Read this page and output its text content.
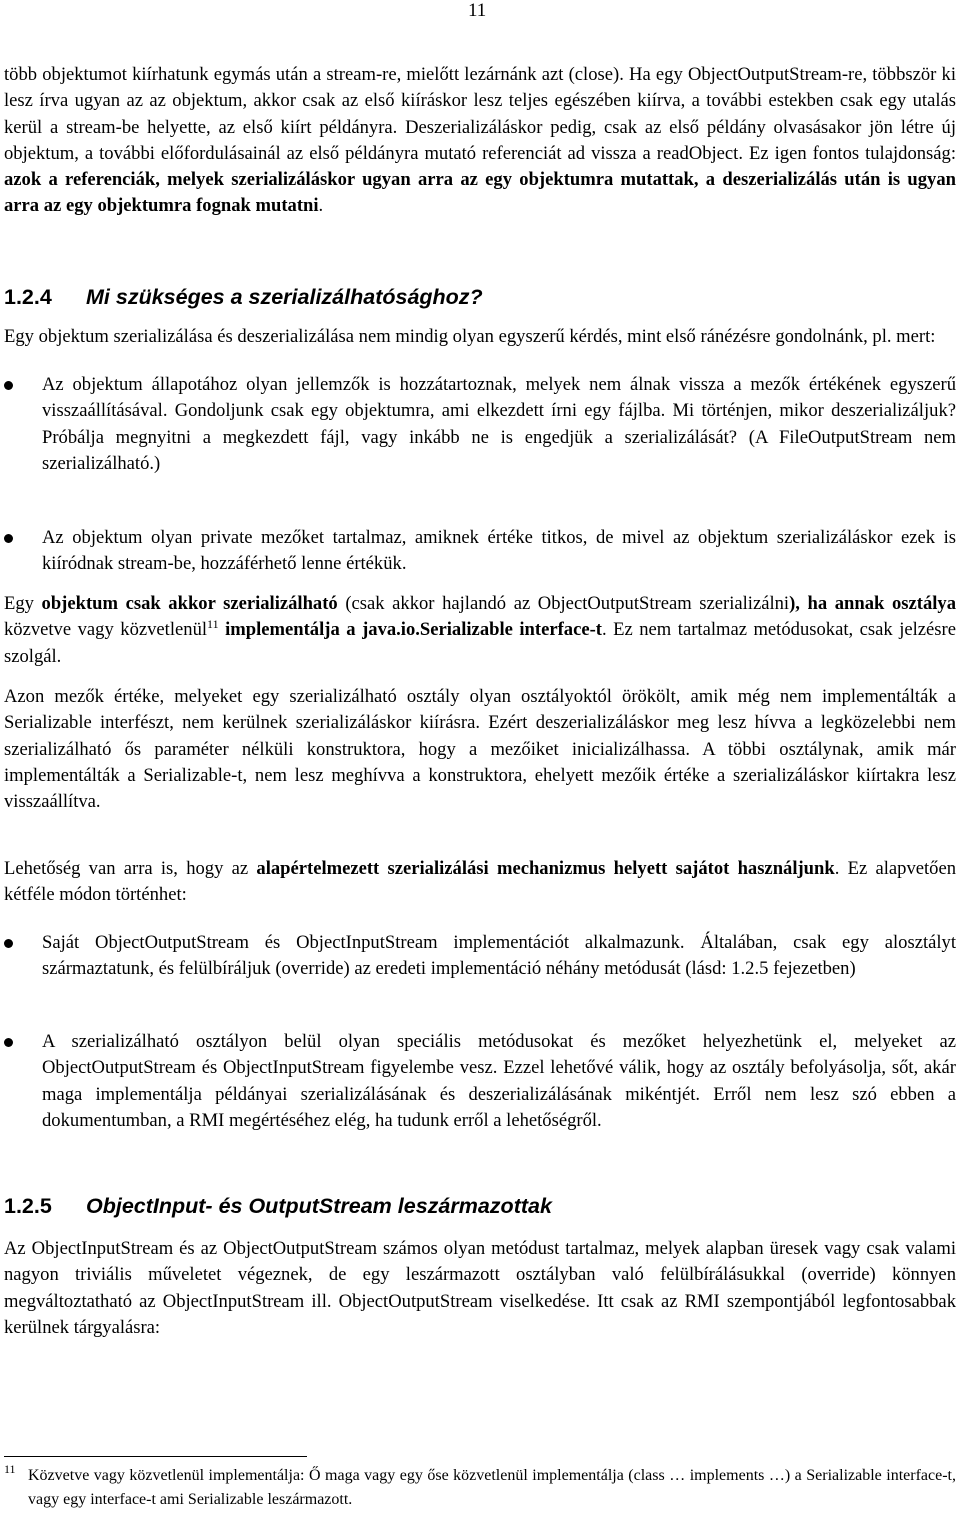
11

több objektumot kiírhatunk egymás után a stream-re, mielőtt lezárnánk azt (close). Ha egy ObjectOutputStream-re, többször ki lesz írva ugyan az az objektum, akkor csak az első kiíráskor lesz teljes egészében kiírva, a további estekben csak egy utalás kerül a stream-be helyette, az első kiírt példányra. Deszerializáláskor pedig, csak az első példány olvasásakor jön létre új objektum, a további előfordulásainál az első példányra mutató referenciát ad vissza a readObject. Ez igen fontos tulajdonság: azok a referenciák, melyek szerializáláskor ugyan arra az egy objektumra mutattak, a deszerializálás után is ugyan arra az egy objektumra fognak mutatni.

1.2.4 Mi szükséges a szerializálhatósághoz?

Egy objektum szerializálása és deszerializálása nem mindig olyan egyszerű kérdés, mint első ránézésre gondolnánk, pl. mert:

Az objektum állapotához olyan jellemzők is hozzátartoznak, melyek nem álnak vissza a mezők értékének egyszerű visszaállításával. Gondoljunk csak egy objektumra, ami elkezdett írni egy fájlba. Mi történjen, mikor deszerializáljuk? Próbálja megnyitni a megkezdett fájl, vagy inkább ne is engedjük a szerializálását? (A FileOutputStream nem szerializálható.)
Az objektum olyan private mezőket tartalmaz, amiknek értéke titkos, de mivel az objektum szerializáláskor ezek is kiíródnak stream-be, hozzáférhető lenne értékük.

Egy objektum csak akkor szerializálható (csak akkor hajlandó az ObjectOutputStream szerializálni), ha annak osztálya közvetve vagy közvetlenül$^{11}$ implementálja a java.io.Serializable interface-t. Ez nem tartalmaz metódusokat, csak jelzésre szolgál.

Azon mezők értéke, melyeket egy szerializálható osztály olyan osztályoktól örökölt, amik még nem implementálták a Serializable interfészt, nem kerülnek szerializáláskor kiírásra. Ezért deszerializáláskor meg lesz hívva a legközelebbi nem szerializálható ős paraméter nélküli konstruktora, hogy a mezőiket inicializálhassa. A többi osztálynak, amik már implementálták a Serializable-t, nem lesz meghívva a konstruktora, ehelyett mezőik értéke a szerializáláskor kiírtakra lesz visszaállítva.

Lehetőség van arra is, hogy az alapértelmezett szerializálási mechanizmus helyett sajátot használjunk. Ez alapvetően kétféle módon történhet:

Saját ObjectOutputStream és ObjectInputStream implementációt alkalmazunk. Általában, csak egy alosztályt származtatunk, és felülbíráljuk (override) az eredeti implementáció néhány metódusát (lásd: 1.2.5 fejezetben)
A szerializálható osztályon belül olyan speciális metódusokat és mezőket helyezhetünk el, melyeket az ObjectOutputStream és ObjectInputStream figyelembe vesz. Ezzel lehetővé válik, hogy az osztály befolyásolja, sőt, akár maga implementálja példányai szerializálásának és deszerializálásának mikéntjét. Erről nem lesz szó ebben a dokumentumban, a RMI megértéséhez elég, ha tudunk erről a lehetőségről.
1.2.5 ObjectInput- és OutputStream leszármazottak

Az ObjectInputStream és az ObjectOutputStream számos olyan metódust tartalmaz, melyek alapban üresek vagy csak valami nagyon triviális műveletet végeznek, de egy leszármazott osztályban való felülbírálásukkal (override) könnyen megváltoztatható az ObjectInputStream ill. ObjectOutputStream viselkedése. Itt csak az RMI szempontjából legfontosabbak kerülnek tárgyalásra:

11 Közvetve vagy közvetlenül implementálja: Ő maga vagy egy őse közvetlenül implementálja (class … implements …) a Serializable interface-t, vagy egy interface-t ami Serializable leszármazott.
